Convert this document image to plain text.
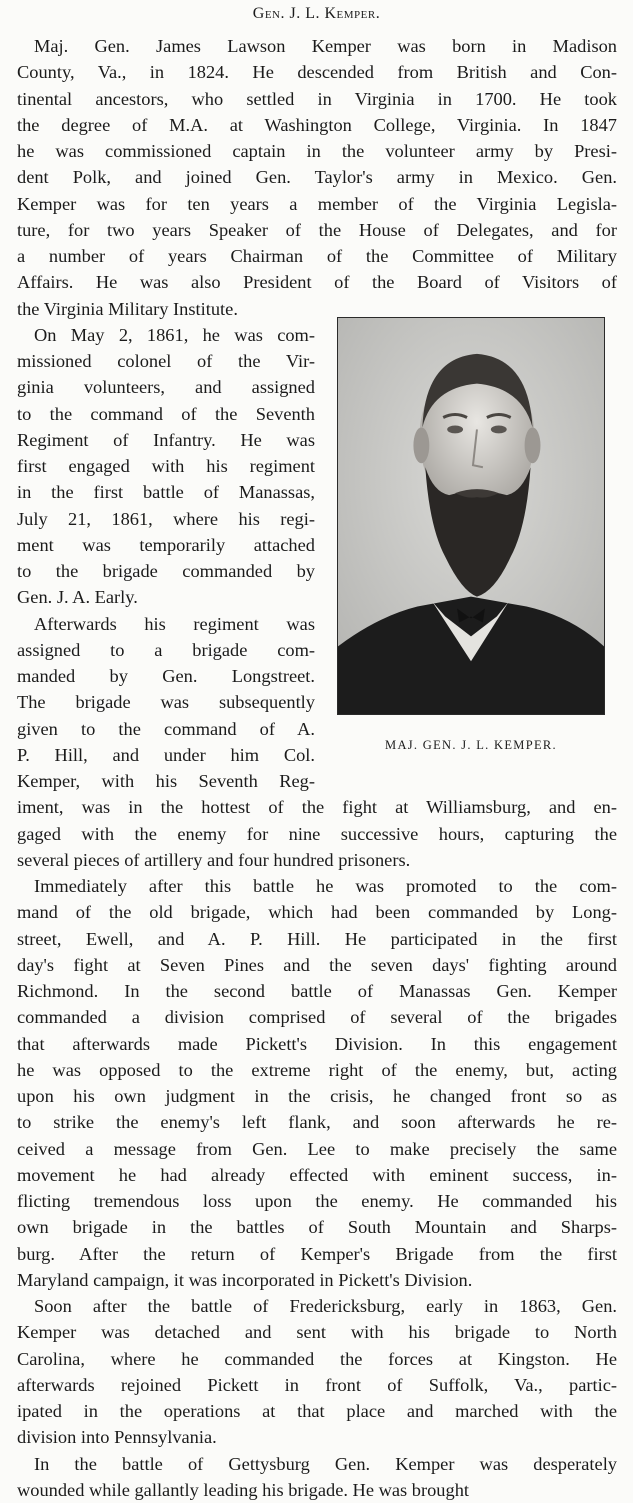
Gen. J. L. Kemper.
Maj. Gen. James Lawson Kemper was born in Madison
County, Va., in 1824. He descended from British and Con-
tinental ancestors, who settled in Virginia in 1700. He took
the degree of M.A. at Washington College, Virginia. In 1847
he was commissioned captain in the volunteer army by Presi-
dent Polk, and joined Gen. Taylor's army in Mexico. Gen.
Kemper was for ten years a member of the Virginia Legisla-
ture, for two years Speaker of the House of Delegates, and for
a number of years Chairman of the Committee of Military
Affairs. He was also President of the Board of Visitors of
the Virginia Military Institute.
On May 2, 1861, he was com-
missioned colonel of the Vir-
ginia volunteers, and assigned
to the command of the Seventh
Regiment of Infantry. He was
first engaged with his regiment
in the first battle of Manassas,
July 21, 1861, where his regi-
ment was temporarily attached
to the brigade commanded by
Gen. J. A. Early.
Afterwards his regiment was
assigned to a brigade com-
manded by Gen. Longstreet.
The brigade was subsequently
given to the command of A.
P. Hill, and under him Col.
Kemper, with his Seventh Reg-
iment, was in the hottest of the fight at Williamsburg, and en-
gaged with the enemy for nine successive hours, capturing the
several pieces of artillery and four hundred prisoners.
Immediately after this battle he was promoted to the com-
mand of the old brigade, which had been commanded by Long-
street, Ewell, and A. P. Hill. He participated in the first
day's fight at Seven Pines and the seven days' fighting around
Richmond. In the second battle of Manassas Gen. Kemper
commanded a division comprised of several of the brigades
that afterwards made Pickett's Division. In this engagement
he was opposed to the extreme right of the enemy, but, acting
upon his own judgment in the crisis, he changed front so as
to strike the enemy's left flank, and soon afterwards he re-
ceived a message from Gen. Lee to make precisely the same
movement he had already effected with eminent success, in-
flicting tremendous loss upon the enemy. He commanded his
own brigade in the battles of South Mountain and Sharps-
burg. After the return of Kemper's Brigade from the first
Maryland campaign, it was incorporated in Pickett's Division.
Soon after the battle of Fredericksburg, early in 1863, Gen.
Kemper was detached and sent with his brigade to North
Carolina, where he commanded the forces at Kingston. He
afterwards rejoined Pickett in front of Suffolk, Va., partic-
ipated in the operations at that place and marched with the
division into Pennsylvania.
In the battle of Gettysburg Gen. Kemper was desperately
wounded while gallantly leading his brigade. He was brought
MAJ. GEN. J. L. KEMPER.
